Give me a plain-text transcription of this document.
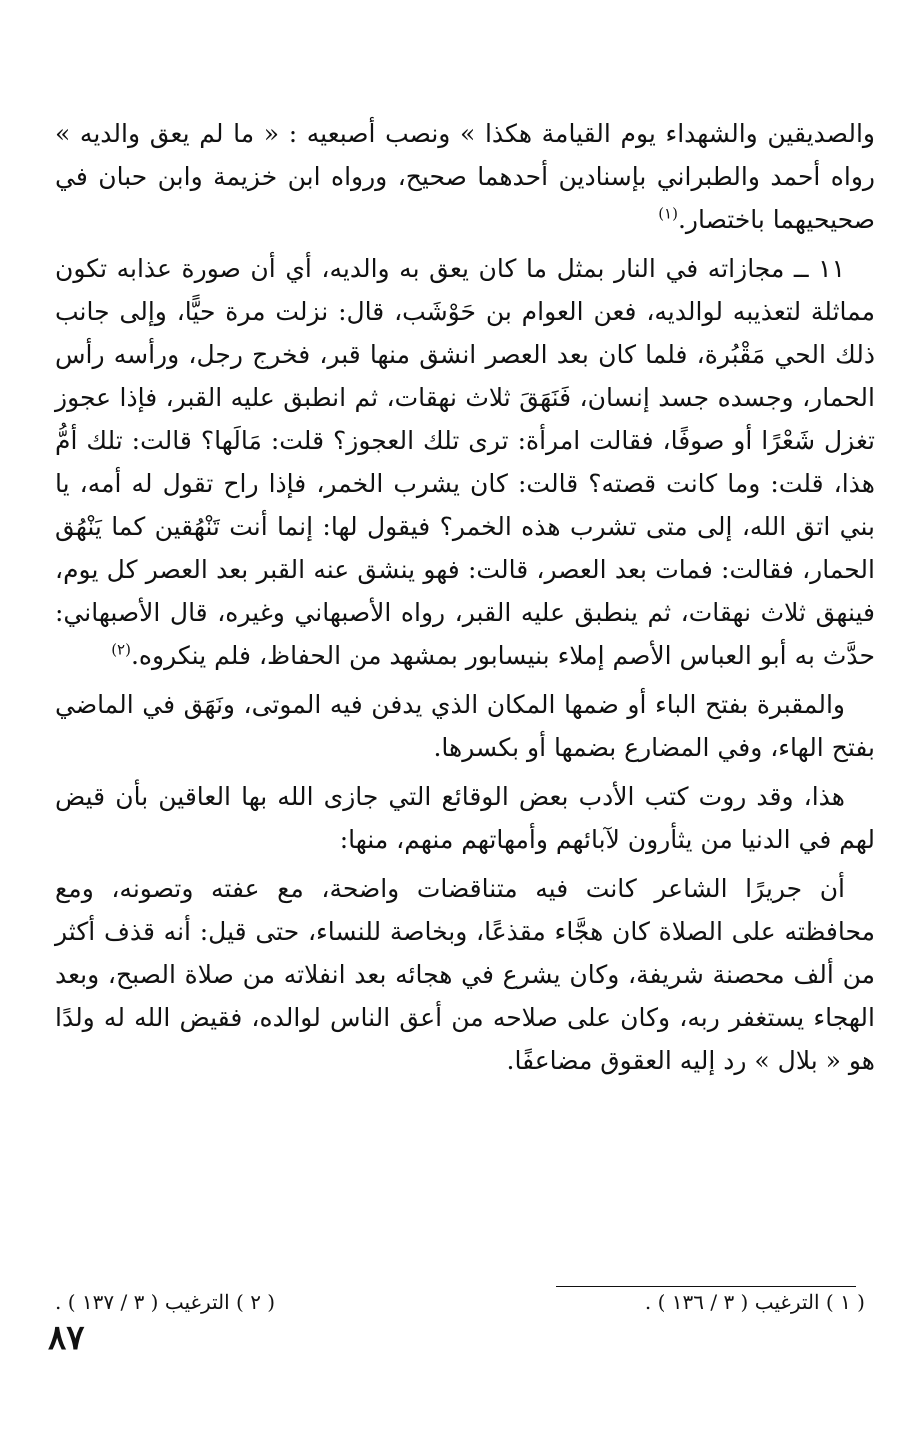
والصديقين والشهداء يوم القيامة هكذا » ونصب أصبعيه : « ما لم يعق والديه » رواه أحمد والطبراني بإسنادين أحدهما صحيح، ورواه ابن خزيمة وابن حبان في صحيحيهما باختصار.$^{(١)}$

١١ ــ مجازاته في النار بمثل ما كان يعق به والديه، أي أن صورة عذابه تكون مماثلة لتعذيبه لوالديه، فعن العوام بن حَوْشَب، قال: نزلت مرة حيًّا، وإلى جانب ذلك الحي مَقْبُرة، فلما كان بعد العصر انشق منها قبر، فخرج رجل، ورأسه رأس الحمار، وجسده جسد إنسان، فَنَهَقَ ثلاث نهقات، ثم انطبق عليه القبر، فإذا عجوز تغزل شَعْرًا أو صوفًا، فقالت امرأة: ترى تلك العجوز؟ قلت: مَالَها؟ قالت: تلك أمُّ هذا، قلت: وما كانت قصته؟ قالت: كان يشرب الخمر، فإذا راح تقول له أمه، يا بني اتق الله، إلى متى تشرب هذه الخمر؟ فيقول لها: إنما أنت تَنْهُقين كما يَنْهُق الحمار، فقالت: فمات بعد العصر، قالت: فهو ينشق عنه القبر بعد العصر كل يوم، فينهق ثلاث نهقات، ثم ينطبق عليه القبر، رواه الأصبهاني وغيره، قال الأصبهاني: حدَّث به أبو العباس الأصم إملاء بنيسابور بمشهد من الحفاظ، فلم ينكروه.$^{(٢)}$

والمقبرة بفتح الباء أو ضمها المكان الذي يدفن فيه الموتى، ونَهَق في الماضي بفتح الهاء، وفي المضارع بضمها أو بكسرها.

هذا، وقد روت كتب الأدب بعض الوقائع التي جازى الله بها العاقين بأن قيض لهم في الدنيا من يثأرون لآبائهم وأمهاتهم منهم، منها:

أن جريرًا الشاعر كانت فيه متناقضات واضحة، مع عفته وتصونه، ومع محافظته على الصلاة كان هجَّاء مقذعًا، وبخاصة للنساء، حتى قيل: أنه قذف أكثر من ألف محصنة شريفة، وكان يشرع في هجائه بعد انفلاته من صلاة الصبح، وبعد الهجاء يستغفر ربه، وكان على صلاحه من أعق الناس لوالده، فقيض الله له ولدًا هو « بلال » رد إليه العقوق مضاعفًا.

( ١ ) الترغيب ( ٣ / ١٣٦ ) .
( ٢ ) الترغيب ( ٣ / ١٣٧ ) .
٨٧
